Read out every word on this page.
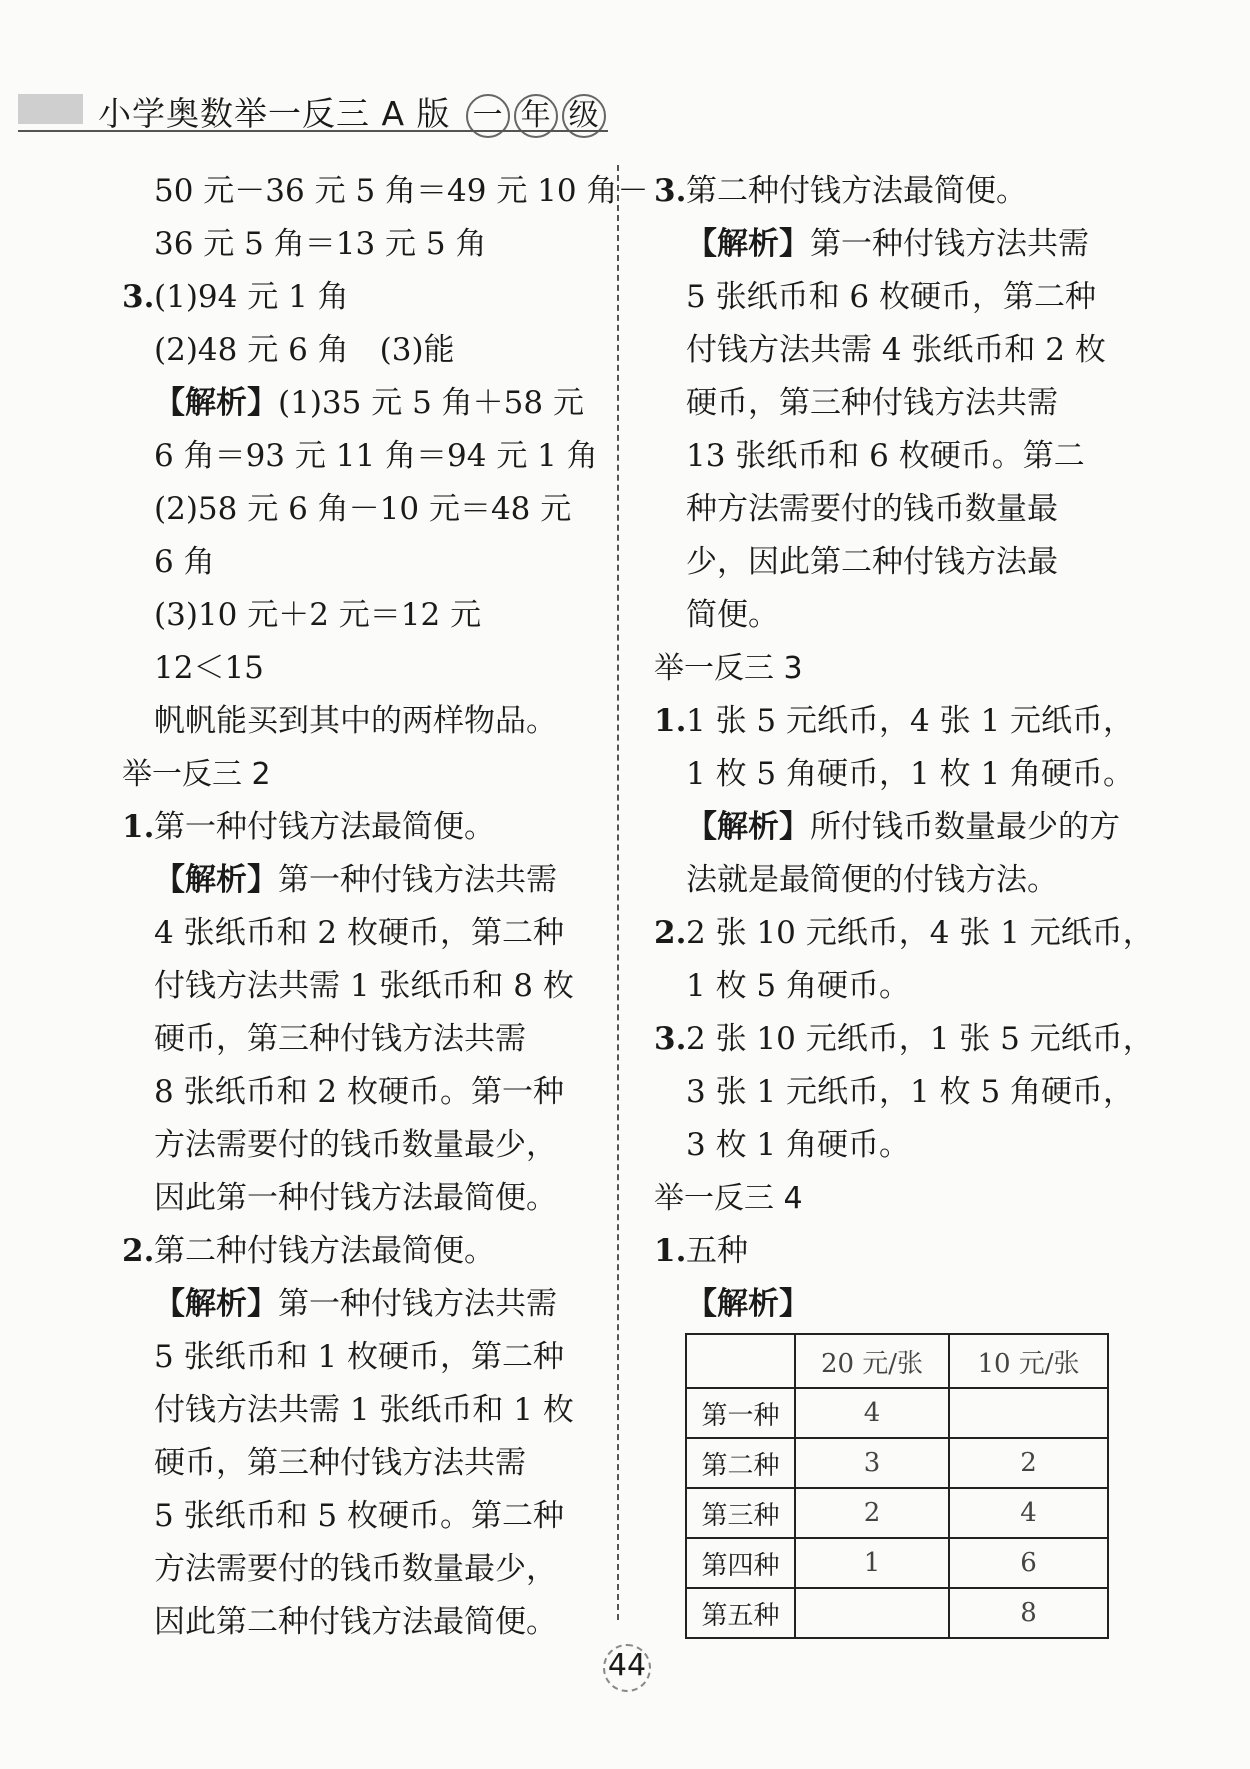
小学奥数举一反三 A 版 一 年 级
50 元－36 元 5 角＝49 元 10 角－
36 元 5 角＝13 元 5 角
3.(1)94 元 1 角
(2)48 元 6 角　(3)能
【解析】(1)35 元 5 角＋58 元
6 角＝93 元 11 角＝94 元 1 角
(2)58 元 6 角－10 元＝48 元
6 角
(3)10 元＋2 元＝12 元
12＜15
帆帆能买到其中的两样物品。
举一反三 2
1.第一种付钱方法最简便。
【解析】第一种付钱方法共需
4 张纸币和 2 枚硬币，第二种
付钱方法共需 1 张纸币和 8 枚
硬币，第三种付钱方法共需
8 张纸币和 2 枚硬币。第一种
方法需要付的钱币数量最少，
因此第一种付钱方法最简便。
2.第二种付钱方法最简便。
【解析】第一种付钱方法共需
5 张纸币和 1 枚硬币，第二种
付钱方法共需 1 张纸币和 1 枚
硬币，第三种付钱方法共需
5 张纸币和 5 枚硬币。第二种
方法需要付的钱币数量最少，
因此第二种付钱方法最简便。
3.第二种付钱方法最简便。
【解析】第一种付钱方法共需
5 张纸币和 6 枚硬币，第二种
付钱方法共需 4 张纸币和 2 枚
硬币，第三种付钱方法共需
13 张纸币和 6 枚硬币。第二
种方法需要付的钱币数量最
少，因此第二种付钱方法最
简便。
举一反三 3
1.1 张 5 元纸币，4 张 1 元纸币，
1 枚 5 角硬币，1 枚 1 角硬币。
【解析】所付钱币数量最少的方
法就是最简便的付钱方法。
2.2 张 10 元纸币，4 张 1 元纸币，
1 枚 5 角硬币。
3.2 张 10 元纸币，1 张 5 元纸币，
3 张 1 元纸币，1 枚 5 角硬币，
3 枚 1 角硬币。
举一反三 4
1.五种
【解析】
	20 元/张	10 元/张
第一种	4	
第二种	3	2
第三种	2	4
第四种	1	6
第五种		8
44
